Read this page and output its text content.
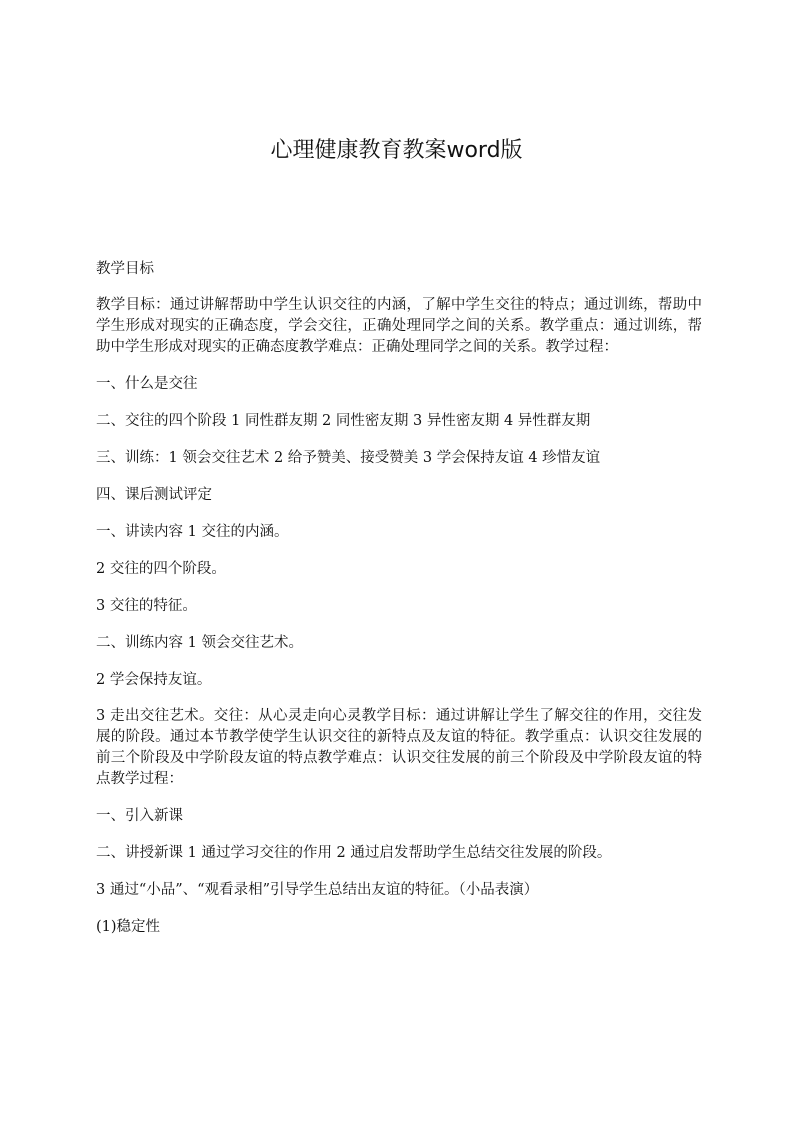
心理健康教育教案word版

教学目标

教学目标：通过讲解帮助中学生认识交往的内涵，了解中学生交往的特点；通过训练，帮助中学生形成对现实的正确态度，学会交往，正确处理同学之间的关系。教学重点：通过训练，帮助中学生形成对现实的正确态度教学难点：正确处理同学之间的关系。教学过程：

一、什么是交往

二、交往的四个阶段 1 同性群友期 2 同性密友期 3 异性密友期 4 异性群友期

三、训练：1 领会交往艺术 2 给予赞美、接受赞美 3 学会保持友谊 4 珍惜友谊

四、课后测试评定

一、讲读内容 1 交往的内涵。

2 交往的四个阶段。

3 交往的特征。

二、训练内容 1 领会交往艺术。

2 学会保持友谊。

3 走出交往艺术。交往：从心灵走向心灵教学目标：通过讲解让学生了解交往的作用，交往发展的阶段。通过本节教学使学生认识交往的新特点及友谊的特征。教学重点：认识交往发展的前三个阶段及中学阶段友谊的特点教学难点：认识交往发展的前三个阶段及中学阶段友谊的特点教学过程：

一、引入新课

二、讲授新课 1 通过学习交往的作用 2 通过启发帮助学生总结交往发展的阶段。

3 通过“小品”、“观看录相”引导学生总结出友谊的特征。（小品表演）

(1)稳定性
